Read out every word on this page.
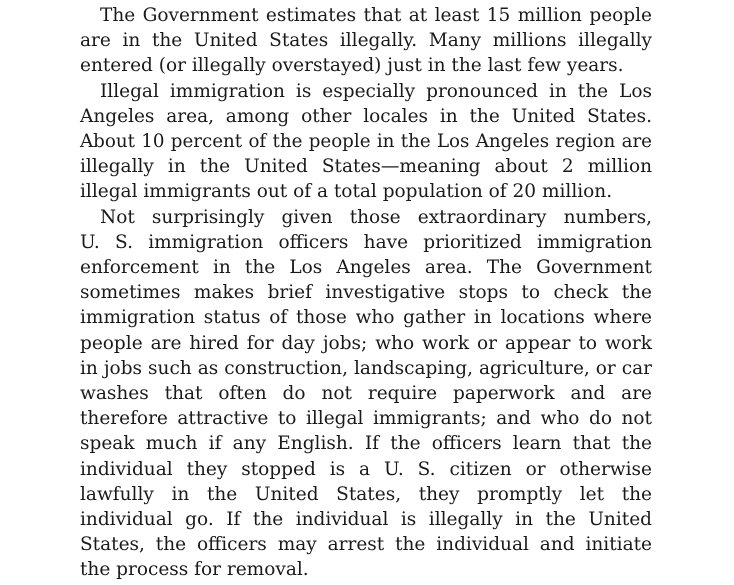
The Government estimates that at least 15 million people
are in the United States illegally. Many millions illegally
entered (or illegally overstayed) just in the last few years.

Illegal immigration is especially pronounced in the Los
Angeles area, among other locales in the United States.
About 10 percent of the people in the Los Angeles region are
illegally in the United States—meaning about 2 million
illegal immigrants out of a total population of 20 million.

Not surprisingly given those extraordinary numbers,
U. S. immigration officers have prioritized immigration
enforcement in the Los Angeles area. The Government
sometimes makes brief investigative stops to check the
immigration status of those who gather in locations where
people are hired for day jobs; who work or appear to work
in jobs such as construction, landscaping, agriculture, or car
washes that often do not require paperwork and are
therefore attractive to illegal immigrants; and who do not
speak much if any English. If the officers learn that the
individual they stopped is a U. S. citizen or otherwise
lawfully in the United States, they promptly let the
individual go. If the individual is illegally in the United
States, the officers may arrest the individual and initiate
the process for removal.
